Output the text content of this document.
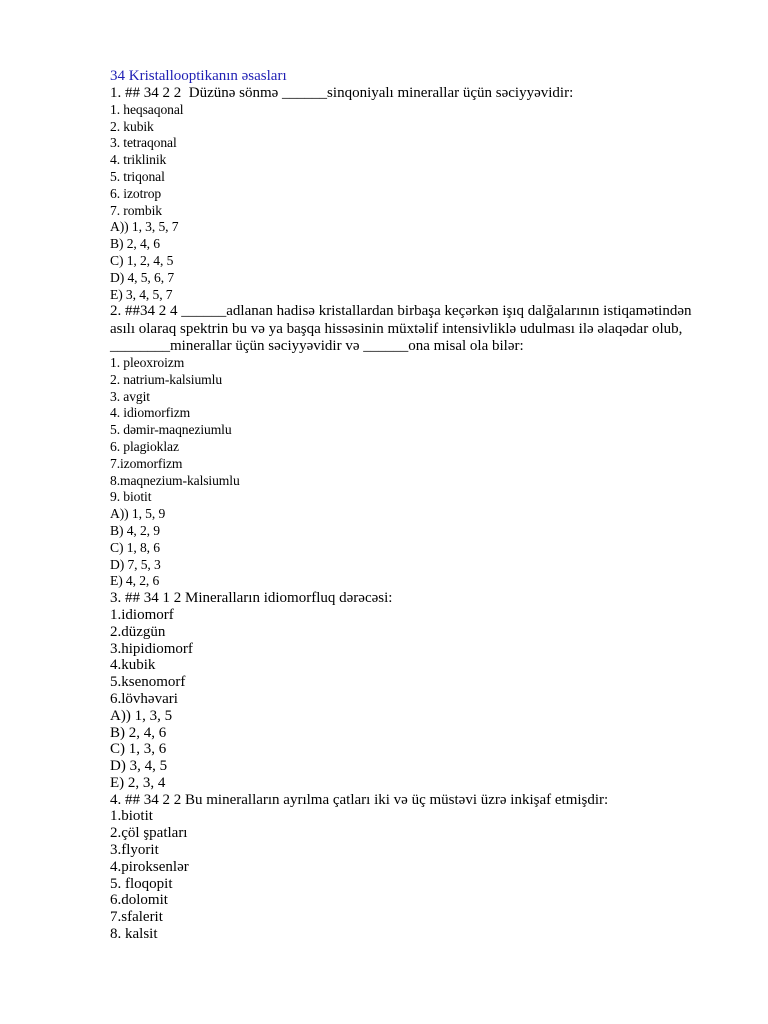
34 Kristallooptikanın əsasları
1. ## 34 2 2  Düzünə sönmə ______sinqoniyalı minerallar üçün səciyyəvidir:
1. heqsaqonal
2. kubik
3. tetraqonal
4. triklinik
5. triqonal
6. izotrop
7. rombik
A)) 1, 3, 5, 7
B) 2, 4, 6
C) 1, 2, 4, 5
D) 4, 5, 6, 7
E) 3, 4, 5, 7
2. ##34 2 4 ______adlanan hadisə kristallardan birbaşa keçərkən işıq dalğalarının istiqamətindən
asılı olaraq spektrin bu və ya başqa hissəsinin müxtəlif intensivliklə udulması ilə əlaqədar olub,
________minerallar üçün səciyyəvidir və ______ona misal ola bilər:
1. pleoxroizm
2. natrium-kalsiumlu
3. avgit
4. idiomorfizm
5. dəmir-maqneziumlu
6. plagioklaz
7.izomorfizm
8.maqnezium-kalsiumlu
9. biotit
A)) 1, 5, 9
B) 4, 2, 9
C) 1, 8, 6
D) 7, 5, 3
E) 4, 2, 6
3. ## 34 1 2 Mineralların idiomorfluq dərəcəsi:
1.idiomorf
2.düzgün
3.hipidiomorf
4.kubik
5.ksenomorf
6.lövhəvari
A)) 1, 3, 5
B) 2, 4, 6
C) 1, 3, 6
D) 3, 4, 5
E) 2, 3, 4
4. ## 34 2 2 Bu mineralların ayrılma çatları iki və üç müstəvi üzrə inkişaf etmişdir:
1.biotit
2.çöl şpatları
3.flyorit
4.piroksenlər
5. floqopit
6.dolomit
7.sfalerit
8. kalsit
